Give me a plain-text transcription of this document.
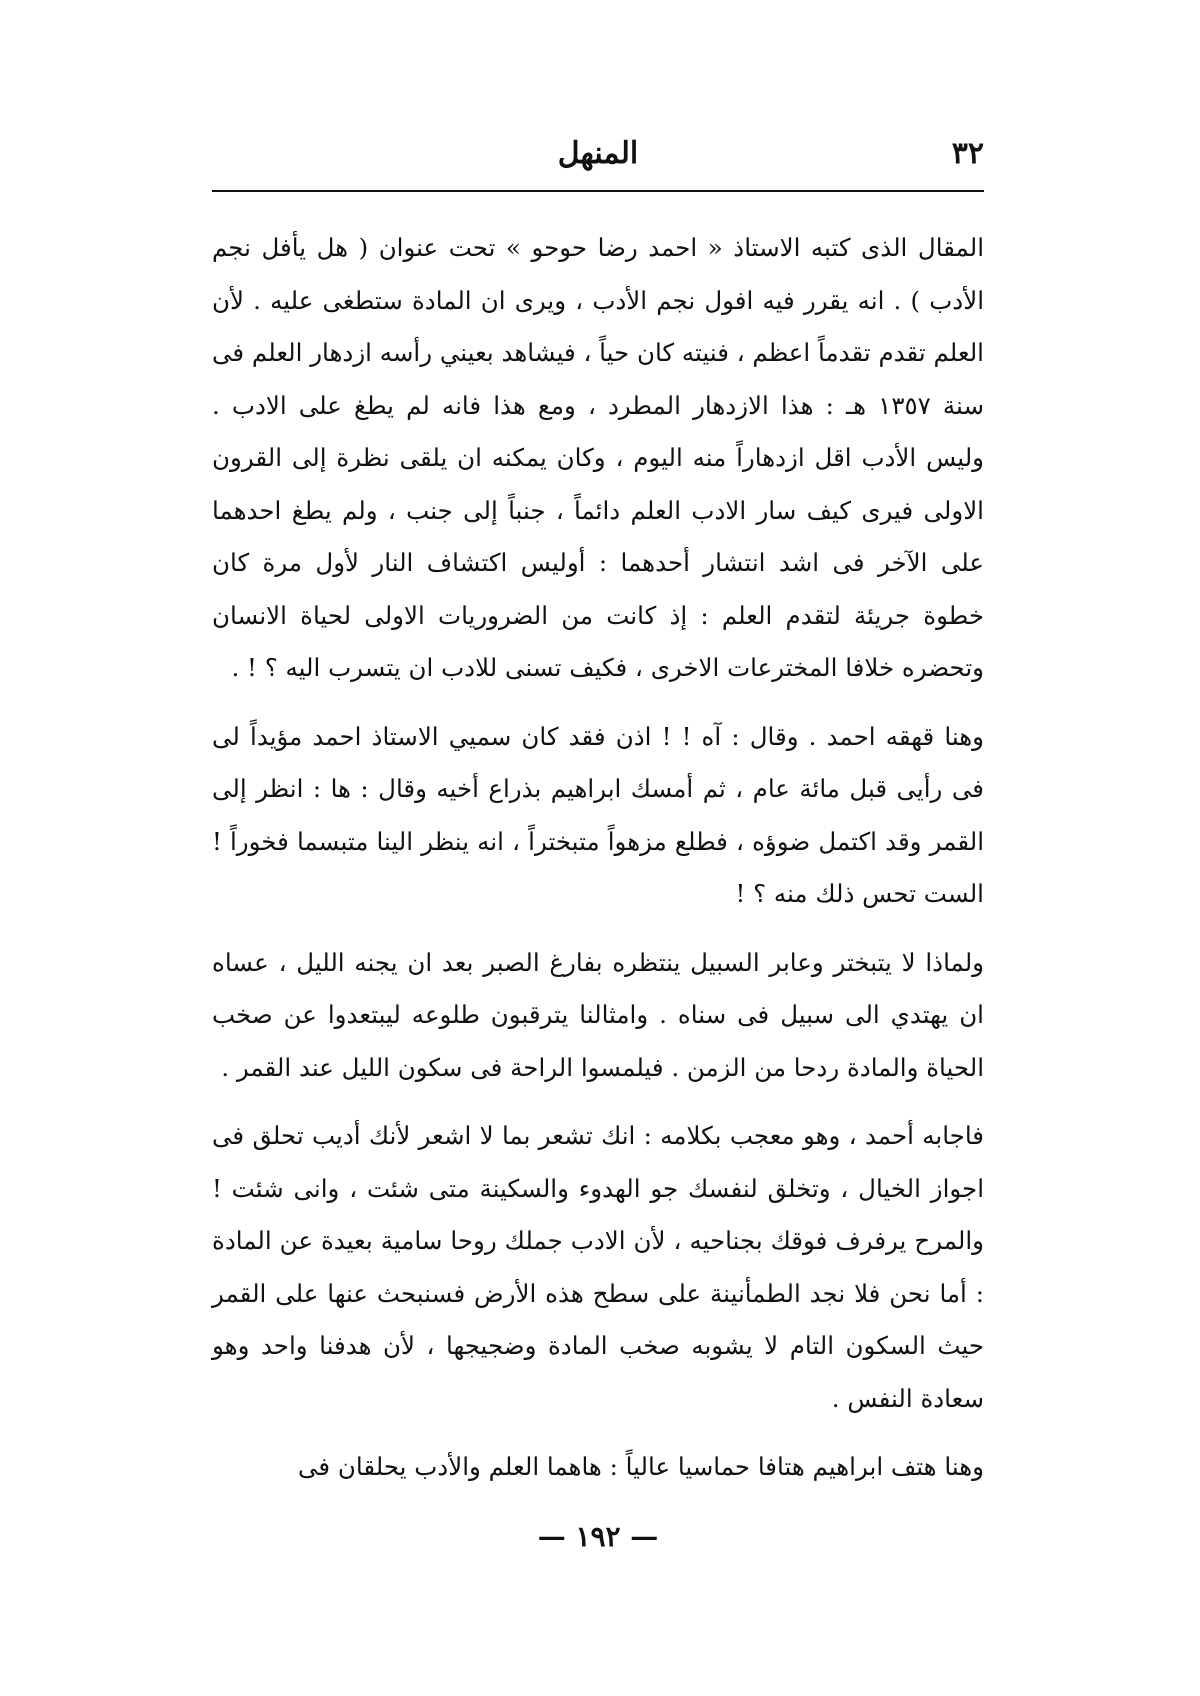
٣٢
المنهل

المقال الذى كتبه الاستاذ « احمد رضا حوحو » تحت عنوان ( هل يأفل نجم الأدب ) . انه يقرر فيه افول نجم الأدب ، ويرى ان المادة ستطغى عليه . لأن العلم تقدم تقدماً اعظم ، فنيته كان حياً ، فيشاهد بعيني رأسه ازدهار العلم فى سنة ١٣٥٧ هـ : هذا الازدهار المطرد ، ومع هذا فانه لم يطغ على الادب . وليس الأدب اقل ازدهاراً منه اليوم ، وكان يمكنه ان يلقى نظرة إلى القرون الاولى فيرى كيف سار الادب العلم دائماً ، جنباً إلى جنب ، ولم يطغ احدهما على الآخر فى اشد انتشار أحدهما : أوليس اكتشاف النار لأول مرة كان خطوة جريئة لتقدم العلم : إذ كانت من الضروريات الاولى لحياة الانسان وتحضره خلافا المخترعات الاخرى ، فكيف تسنى للادب ان يتسرب اليه ؟ ! .

وهنا قهقه احمد . وقال : آه ! ! اذن فقد كان سميي الاستاذ احمد مؤيداً لى فى رأيى قبل مائة عام ، ثم أمسك ابراهيم بذراع أخيه وقال : ها : انظر إلى القمر وقد اكتمل ضوؤه ، فطلع مزهواً متبختراً ، انه ينظر الينا متبسما فخوراً ! الست تحس ذلك منه ؟ !

ولماذا لا يتبختر وعابر السبيل ينتظره بفارغ الصبر بعد ان يجنه الليل ، عساه ان يهتدي الى سبيل فى سناه . وامثالنا يترقبون طلوعه ليبتعدوا عن صخب الحياة والمادة ردحا من الزمن . فيلمسوا الراحة فى سكون الليل عند القمر .

فاجابه أحمد ، وهو معجب بكلامه : انك تشعر بما لا اشعر لأنك أديب تحلق فى اجواز الخيال ، وتخلق لنفسك جو الهدوء والسكينة متى شئت ، وانى شئت ! والمرح يرفرف فوقك بجناحيه ، لأن الادب جملك روحا سامية بعيدة عن المادة : أما نحن فلا نجد الطمأنينة على سطح هذه الأرض فسنبحث عنها على القمر حيث السكون التام لا يشوبه صخب المادة وضجيجها ، لأن هدفنا واحد وهو سعادة النفس .

وهنا هتف ابراهيم هتافا حماسيا عالياً : هاهما العلم والأدب يحلقان فى

— ١٩٢ —
